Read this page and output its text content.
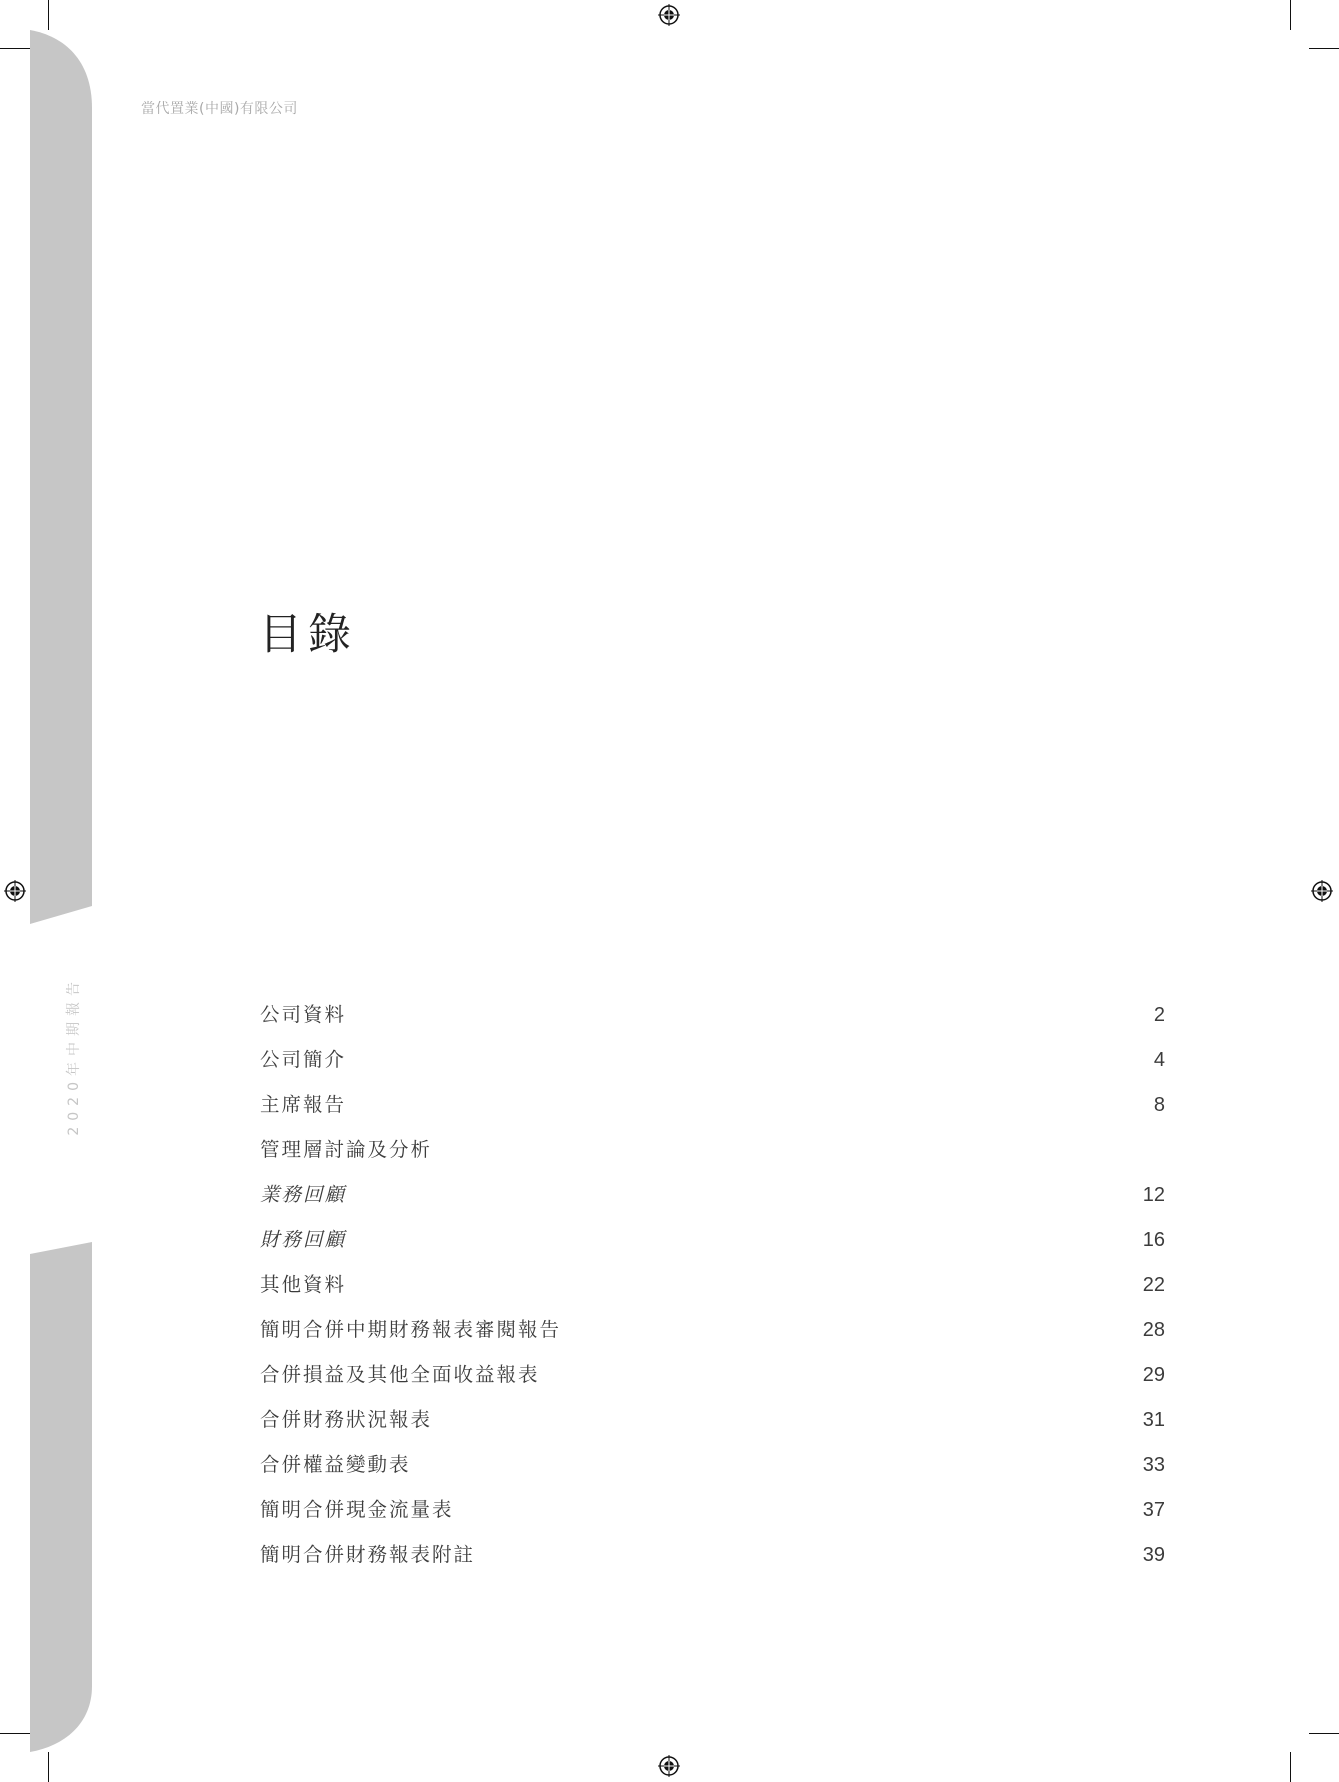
2020年中期報告
當代置業(中國)有限公司
目錄
公司資料	2
公司簡介	4
主席報告	8
管理層討論及分析
業務回顧	12
財務回顧	16
其他資料	22
簡明合併中期財務報表審閱報告	28
合併損益及其他全面收益報表	29
合併財務狀況報表	31
合併權益變動表	33
簡明合併現金流量表	37
簡明合併財務報表附註	39
